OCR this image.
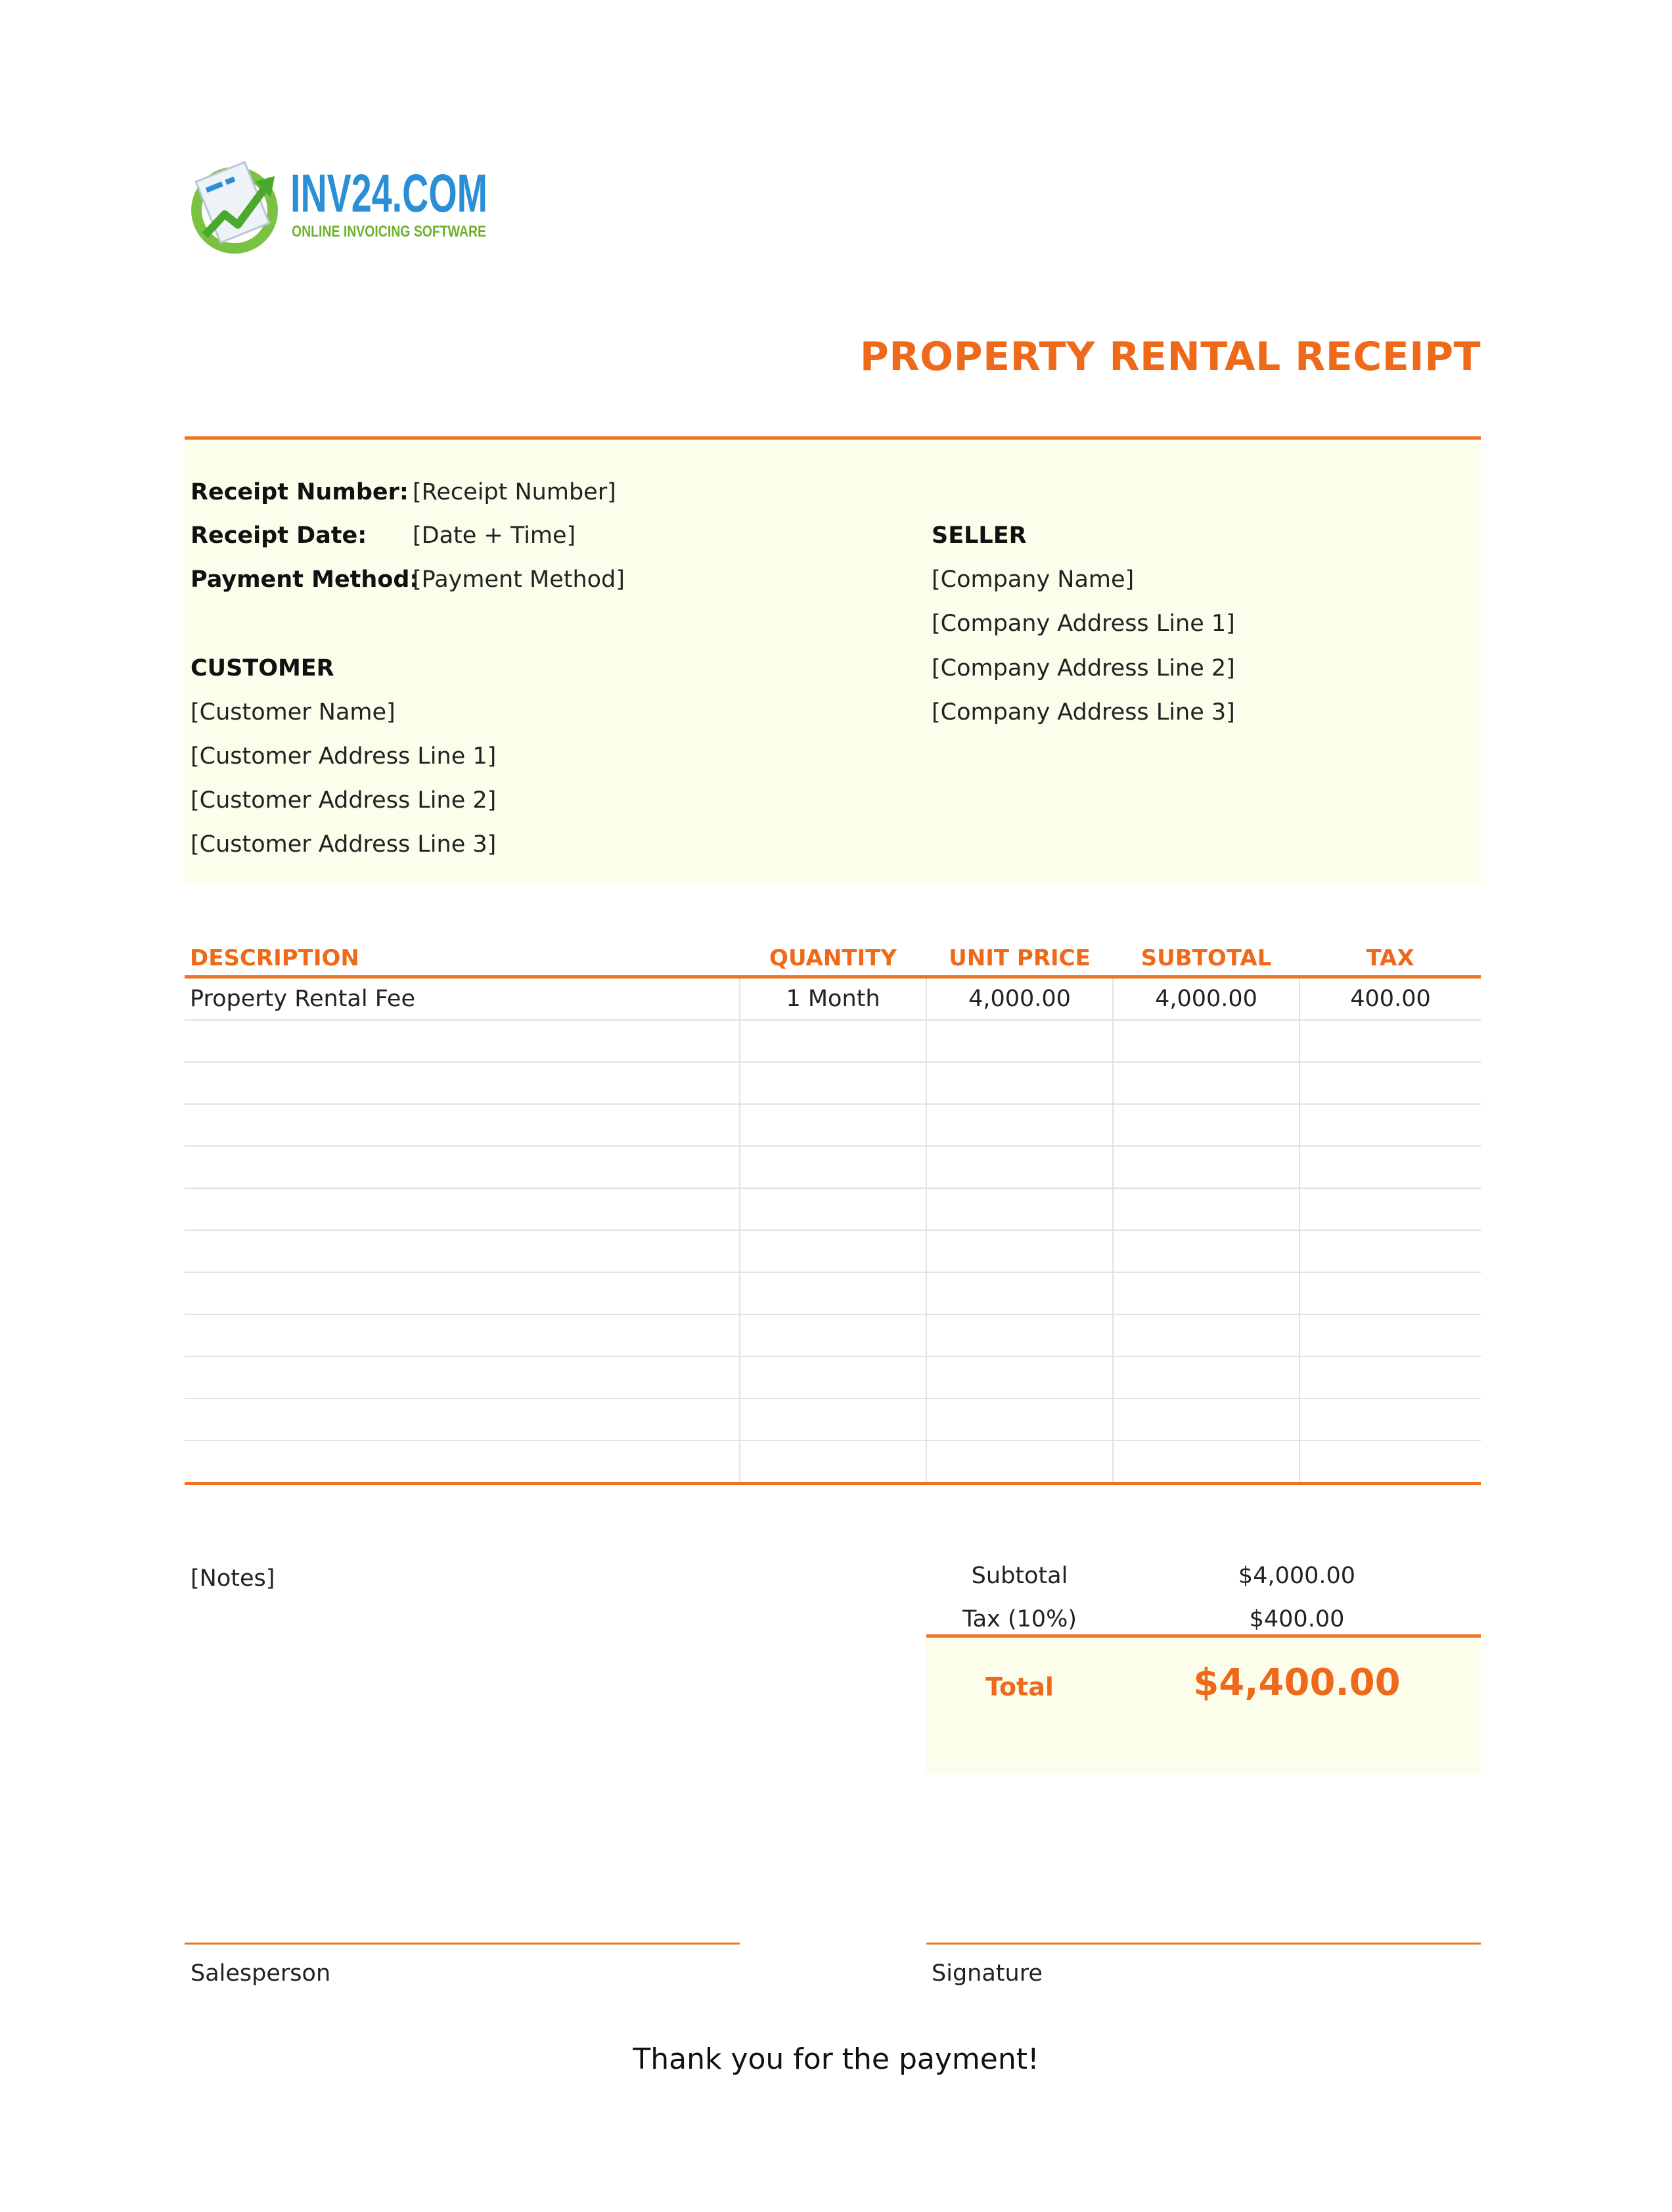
INV24.COM
ONLINE INVOICING SOFTWARE
PROPERTY RENTAL RECEIPT
Receipt Number: [Receipt Number]
Receipt Date: [Date + Time]
Payment Method:
[Payment Method]
CUSTOMER
[Customer Name]
[Customer Address Line 1]
[Customer Address Line 2]
[Customer Address Line 3]
SELLER
[Company Name]
[Company Address Line 1]
[Company Address Line 2]
[Company Address Line 3]
DESCRIPTION	QUANTITY	UNIT PRICE	SUBTOTAL	TAX
Property Rental Fee	1 Month	4,000.00	4,000.00	400.00

[Notes]	Subtotal	$4,000.00
Tax (10%)	$400.00
Total	$4,400.00
Salesperson	Signature
Thank you for the payment!
